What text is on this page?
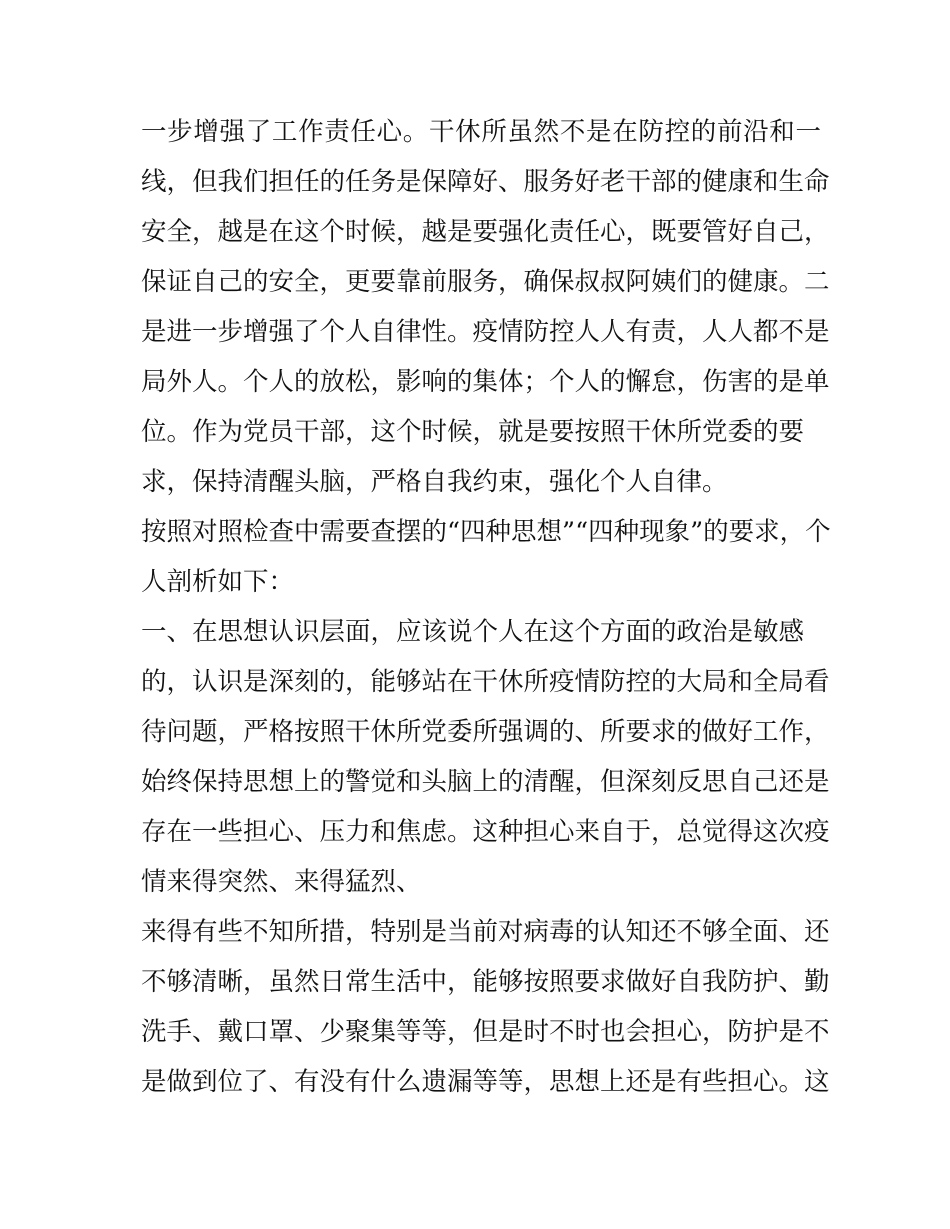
一步增强了工作责任心。干休所虽然不是在防控的前沿和一
线，但我们担任的任务是保障好、服务好老干部的健康和生命
安全，越是在这个时候，越是要强化责任心，既要管好自己，
保证自己的安全，更要靠前服务，确保叔叔阿姨们的健康。二
是进一步增强了个人自律性。疫情防控人人有责，人人都不是
局外人。个人的放松，影响的集体；个人的懈怠，伤害的是单
位。作为党员干部，这个时候，就是要按照干休所党委的要
求，保持清醒头脑，严格自我约束，强化个人自律。
按照对照检查中需要查摆的“四种思想”“四种现象”的要求，个
人剖析如下：
一、在思想认识层面，应该说个人在这个方面的政治是敏感
的，认识是深刻的，能够站在干休所疫情防控的大局和全局看
待问题，严格按照干休所党委所强调的、所要求的做好工作，
始终保持思想上的警觉和头脑上的清醒，但深刻反思自己还是
存在一些担心、压力和焦虑。这种担心来自于，总觉得这次疫
情来得突然、来得猛烈、
来得有些不知所措，特别是当前对病毒的认知还不够全面、还
不够清晰，虽然日常生活中，能够按照要求做好自我防护、勤
洗手、戴口罩、少聚集等等，但是时不时也会担心，防护是不
是做到位了、有没有什么遗漏等等，思想上还是有些担心。这
